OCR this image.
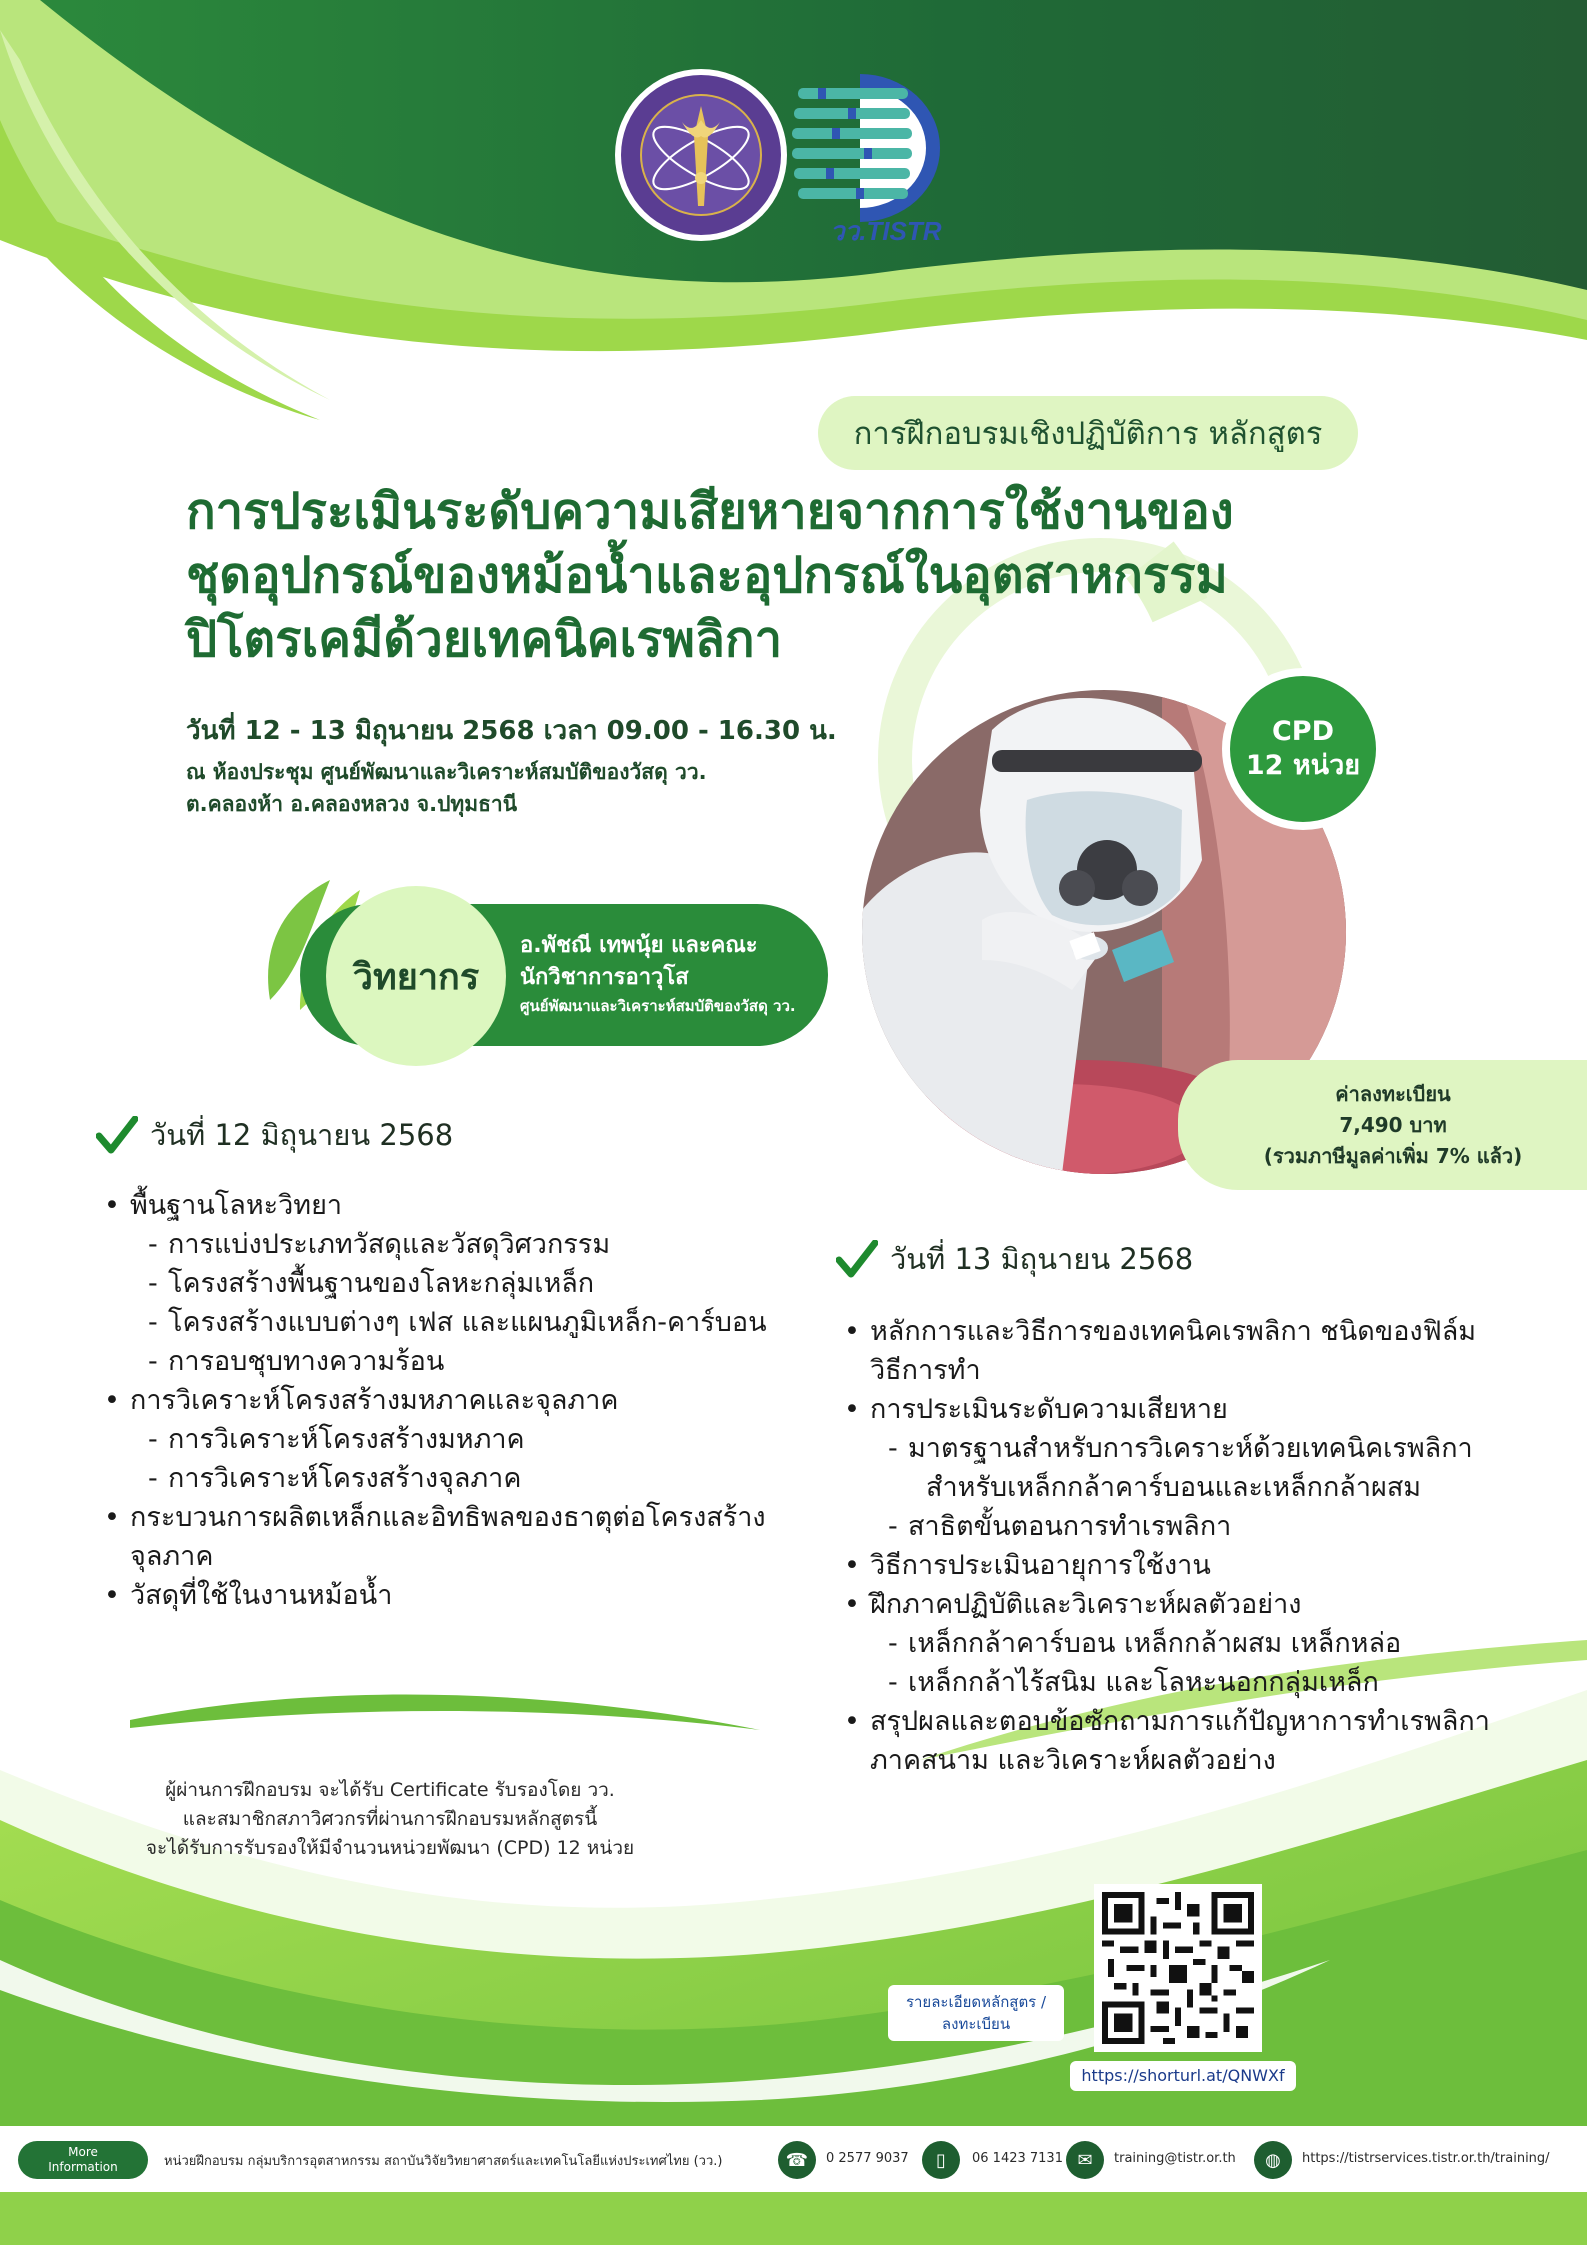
วว.TISTR
การฝึกอบรมเชิงปฏิบัติการ หลักสูตร
การประเมินระดับความเสียหายจากการใช้งานของ
ชุดอุปกรณ์ของหม้อน้ำและอุปกรณ์ในอุตสาหกรรม
ปิโตรเคมีด้วยเทคนิคเรพลิกา
วันที่ 12 - 13 มิถุนายน 2568 เวลา 09.00 - 16.30 น.
ณ ห้องประชุม ศูนย์พัฒนาและวิเคราะห์สมบัติของวัสดุ วว.
ต.คลองห้า อ.คลองหลวง จ.ปทุมธานี
CPD
12 หน่วย
ค่าลงทะเบียน
7,490 บาท
(รวมภาษีมูลค่าเพิ่ม 7% แล้ว)
วิทยากร
อ.พัชณี เทพนุ้ย และคณะ
นักวิชาการอาวุโส
ศูนย์พัฒนาและวิเคราะห์สมบัติของวัสดุ วว.
วันที่ 12 มิถุนายน 2568
• พื้นฐานโลหะวิทยา
- การแบ่งประเภทวัสดุและวัสดุวิศวกรรม
- โครงสร้างพื้นฐานของโลหะกลุ่มเหล็ก
- โครงสร้างแบบต่างๆ เฟส และแผนภูมิเหล็ก-คาร์บอน
- การอบชุบทางความร้อน
• การวิเคราะห์โครงสร้างมหภาคและจุลภาค
- การวิเคราะห์โครงสร้างมหภาค
- การวิเคราะห์โครงสร้างจุลภาค
• กระบวนการผลิตเหล็กและอิทธิพลของธาตุต่อโครงสร้าง
จุลภาค
• วัสดุที่ใช้ในงานหม้อน้ำ
วันที่ 13 มิถุนายน 2568
• หลักการและวิธีการของเทคนิคเรพลิกา ชนิดของฟิล์ม
วิธีการทำ
• การประเมินระดับความเสียหาย
- มาตรฐานสำหรับการวิเคราะห์ด้วยเทคนิคเรพลิกา
สำหรับเหล็กกล้าคาร์บอนและเหล็กกล้าผสม
- สาธิตขั้นตอนการทำเรพลิกา
• วิธีการประเมินอายุการใช้งาน
• ฝึกภาคปฏิบัติและวิเคราะห์ผลตัวอย่าง
- เหล็กกล้าคาร์บอน เหล็กกล้าผสม เหล็กหล่อ
- เหล็กกล้าไร้สนิม และโลหะนอกกลุ่มเหล็ก
• สรุปผลและตอบข้อซักถามการแก้ปัญหาการทำเรพลิกา
ภาคสนาม และวิเคราะห์ผลตัวอย่าง
ผู้ผ่านการฝึกอบรม จะได้รับ Certificate รับรองโดย วว.
และสมาชิกสภาวิศวกรที่ผ่านการฝึกอบรมหลักสูตรนี้
จะได้รับการรับรองให้มีจำนวนหน่วยพัฒนา (CPD) 12 หน่วย
รายละเอียดหลักสูตร /
ลงทะเบียน
https://shorturl.at/QNWXf
More
Information	หน่วยฝึกอบรม กลุ่มบริการอุตสาหกรรม สถาบันวิจัยวิทยาศาสตร์และเทคโนโลยีแห่งประเทศไทย (วว.)	☎	0 2577 9037	▯	06 1423 7131 ✉	training@tistr.or.th	◍	https://tistrservices.tistr.or.th/training/
